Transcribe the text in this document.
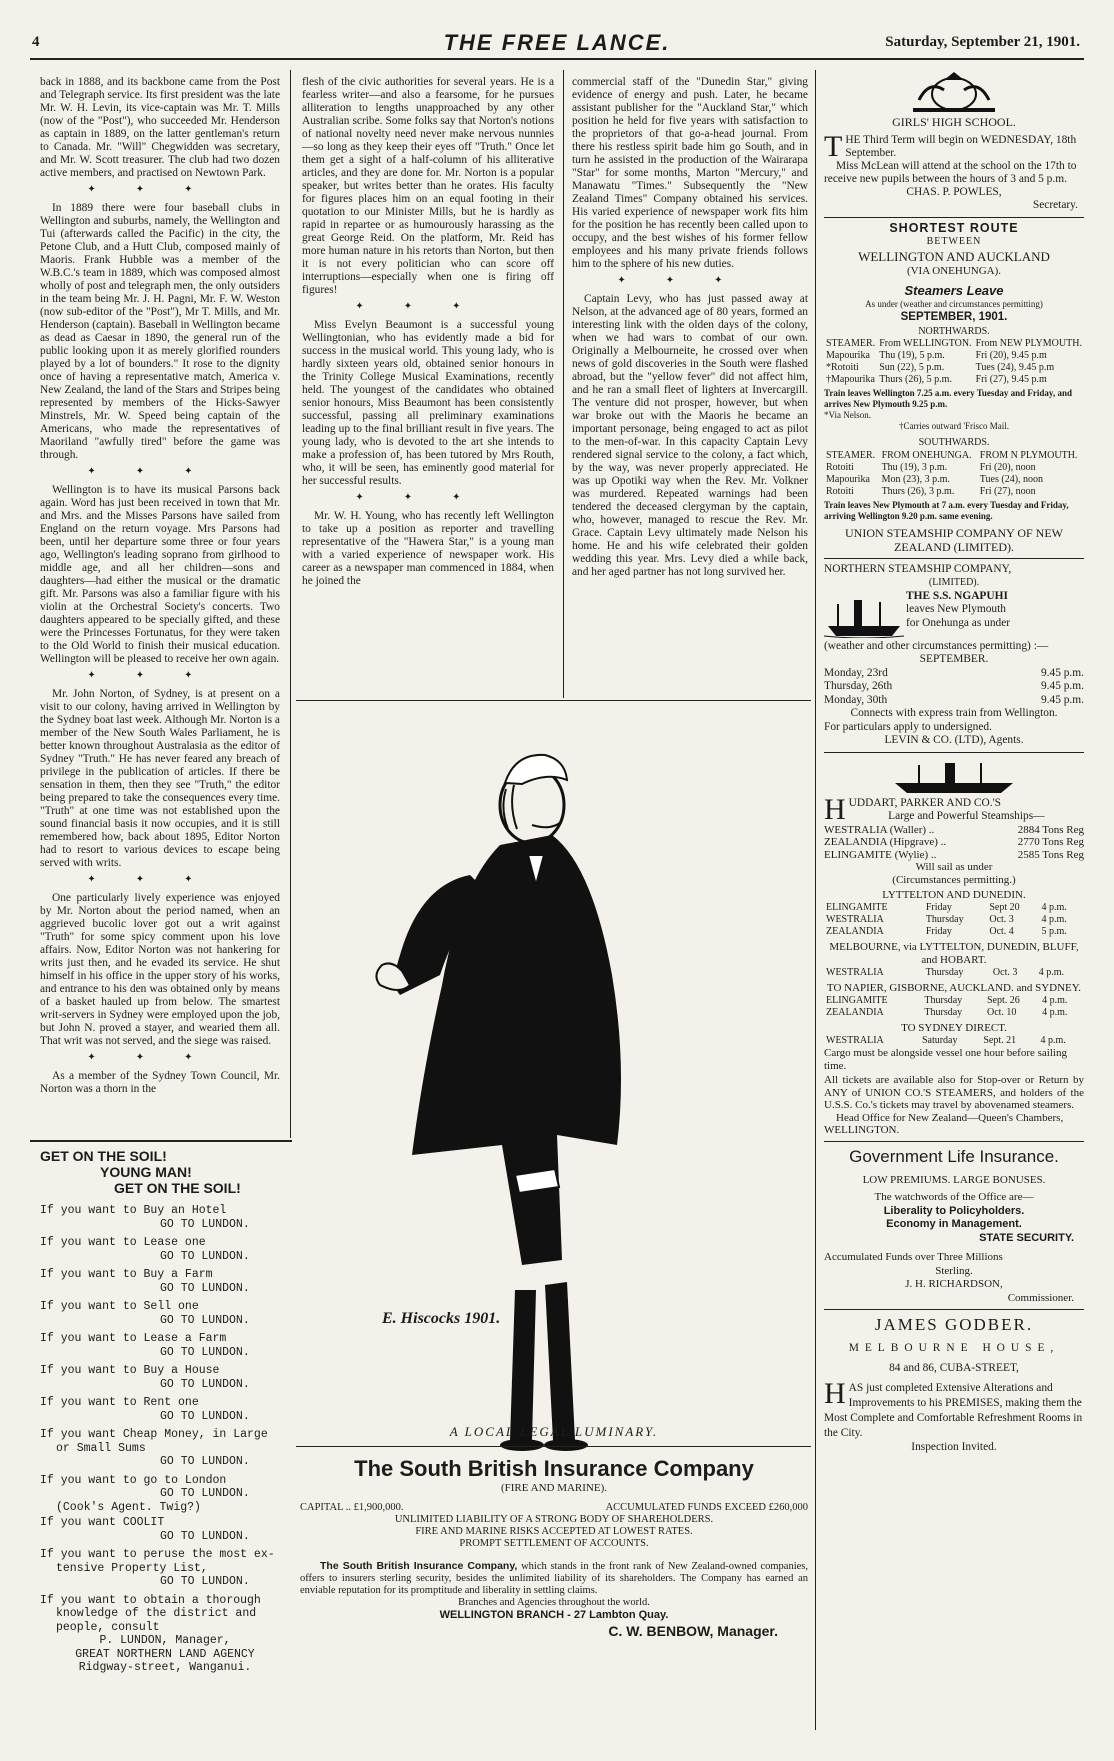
4	THE FREE LANCE.	Saturday, September 21, 1901.

back in 1888, and its backbone came from the Post and Telegraph service. Its first president was the late Mr. W. H. Levin, its vice-captain was Mr. T. Mills (now of the "Post"), who succeeded Mr. Henderson as captain in 1889, on the latter gentleman's return to Canada. Mr. "Will" Chegwidden was secretary, and Mr. W. Scott treasurer. The club had two dozen active members, and practised on Newtown Park.

✦✦✦

In 1889 there were four baseball clubs in Wellington and suburbs, namely, the Wellington and Tui (afterwards called the Pacific) in the city, the Petone Club, and a Hutt Club, composed mainly of Maoris. Frank Hubble was a member of the W.B.C.'s team in 1889, which was composed almost wholly of post and telegraph men, the only outsiders in the team being Mr. J. H. Pagni, Mr. F. W. Weston (now sub-editor of the "Post"), Mr T. Mills, and Mr. Henderson (captain). Baseball in Wellington became as dead as Caesar in 1890, the general run of the public looking upon it as merely glorified rounders played by a lot of bounders." It rose to the dignity once of having a representative match, America v. New Zealand, the land of the Stars and Stripes being represented by members of the Hicks-Sawyer Minstrels, Mr. W. Speed being captain of the Americans, who made the representatives of Maoriland "awfully tired" before the game was through.

✦✦✦

Wellington is to have its musical Parsons back again. Word has just been received in town that Mr. and Mrs. and the Misses Parsons have sailed from England on the return voyage. Mrs Parsons had been, until her departure some three or four years ago, Wellington's leading soprano from girlhood to middle age, and all her children—sons and daughters—had either the musical or the dramatic gift. Mr. Parsons was also a familiar figure with his violin at the Orchestral Society's concerts. Two daughters appeared to be specially gifted, and these were the Princesses Fortunatus, for they were taken to the Old World to finish their musical education. Wellington will be pleased to receive her own again.

✦✦✦

Mr. John Norton, of Sydney, is at present on a visit to our colony, having arrived in Wellington by the Sydney boat last week. Although Mr. Norton is a member of the New South Wales Parliament, he is better known throughout Australasia as the editor of Sydney "Truth." He has never feared any breach of privilege in the publication of articles. If there be sensation in them, then they see "Truth," the editor being prepared to take the consequences every time. "Truth" at one time was not established upon the sound financial basis it now occupies, and it is still remembered how, back about 1895, Editor Norton had to resort to various devices to escape being served with writs.

✦✦✦

One particularly lively experience was enjoyed by Mr. Norton about the period named, when an aggrieved bucolic lover got out a writ against "Truth" for some spicy comment upon his love affairs. Now, Editor Norton was not hankering for writs just then, and he evaded its service. He shut himself in his office in the upper story of his works, and entrance to his den was obtained only by means of a basket hauled up from below. The smartest writ-servers in Sydney were employed upon the job, but John N. proved a stayer, and wearied them all. That writ was not served, and the siege was raised.

✦✦✦

As a member of the Sydney Town Council, Mr. Norton was a thorn in the

flesh of the civic authorities for several years. He is a fearless writer—and also a fearsome, for he pursues alliteration to lengths unapproached by any other Australian scribe. Some folks say that Norton's notions of national novelty need never make nervous nunnies—so long as they keep their eyes off "Truth." Once let them get a sight of a half-column of his alliterative articles, and they are done for. Mr. Norton is a popular speaker, but writes better than he orates. His faculty for figures places him on an equal footing in their quotation to our Minister Mills, but he is hardly as rapid in repartee or as humourously harassing as the great George Reid. On the platform, Mr. Reid has more human nature in his retorts than Norton, but then it is not every politician who can score off interruptions—especially when one is firing off figures!

✦✦✦

Miss Evelyn Beaumont is a successful young Wellingtonian, who has evidently made a bid for success in the musical world. This young lady, who is hardly sixteen years old, obtained senior honours in the Trinity College Musical Examinations, recently held. The youngest of the candidates who obtained senior honours, Miss Beaumont has been consistently successful, passing all preliminary examinations leading up to the final brilliant result in five years. The young lady, who is devoted to the art she intends to make a profession of, has been tutored by Mrs Routh, who, it will be seen, has eminently good material for her successful results.

✦✦✦

Mr. W. H. Young, who has recently left Wellington to take up a position as reporter and travelling representative of the "Hawera Star," is a young man with a varied experience of newspaper work. His career as a newspaper man commenced in 1884, when he joined the

commercial staff of the "Dunedin Star," giving evidence of energy and push. Later, he became assistant publisher for the "Auckland Star," which position he held for five years with satisfaction to the proprietors of that go-a-head journal. From there his restless spirit bade him go South, and in turn he assisted in the production of the Wairarapa "Star" for some months, Marton "Mercury," and Manawatu "Times." Subsequently the "New Zealand Times" Company obtained his services. His varied experience of newspaper work fits him for the position he has recently been called upon to occupy, and the best wishes of his former fellow employees and his many private friends follows him to the sphere of his new duties.

✦✦✦

Captain Levy, who has just passed away at Nelson, at the advanced age of 80 years, formed an interesting link with the olden days of the colony, when we had wars to combat of our own. Originally a Melbourneite, he crossed over when news of gold discoveries in the South were flashed abroad, but the "yellow fever" did not affect him, and he ran a small fleet of lighters at Invercargill. The venture did not prosper, however, but when war broke out with the Maoris he became an important personage, being engaged to act as pilot to the men-of-war. In this capacity Captain Levy rendered signal service to the colony, a fact which, by the way, was never properly appreciated. He was up Opotiki way when the Rev. Mr. Volkner was murdered. Repeated warnings had been tendered the deceased clergyman by the captain, who, however, managed to rescue the Rev. Mr. Grace. Captain Levy ultimately made Nelson his home. He and his wife celebrated their golden wedding this year. Mrs. Levy died a while back, and her aged partner has not long survived her.

E. Hiscocks 1901.
A LOCAL LEGAL LUMINARY.
GET ON THE SOIL!
YOUNG MAN!
GET ON THE SOIL!
If you want to Buy an Hotel
GO TO LUNDON.
If you want to Lease one
GO TO LUNDON.
If you want to Buy a Farm
GO TO LUNDON.
If you want to Sell one
GO TO LUNDON.
If you want to Lease a Farm
GO TO LUNDON.
If you want to Buy a House
GO TO LUNDON.
If you want to Rent one
GO TO LUNDON.
If you want Cheap Money, in Large
or Small Sums
GO TO LUNDON.
If you want to go to London
GO TO LUNDON.
(Cook's Agent. Twig?)
If you want COOLIT
GO TO LUNDON.
If you want to peruse the most ex-
tensive Property List,
GO TO LUNDON.
If you want to obtain a thorough
knowledge of the district and
people, consult
P. LUNDON, Manager,
GREAT NORTHERN LAND AGENCY
Ridgway-street, Wanganui.
The South British Insurance Company
(FIRE AND MARINE).
CAPITAL .. £1,900,000.	ACCUMULATED FUNDS EXCEED £260,000
UNLIMITED LIABILITY OF A STRONG BODY OF SHAREHOLDERS.
FIRE AND MARINE RISKS ACCEPTED AT LOWEST RATES.
PROMPT SETTLEMENT OF ACCOUNTS.
The South British Insurance Company, which stands in the front rank of New Zealand-owned companies, offers to insurers sterling security, besides the unlimited liability of its shareholders. The Company has earned an enviable reputation for its promptitude and liberality in settling claims.
Branches and Agencies throughout the world.
WELLINGTON BRANCH - 27 Lambton Quay.
C. W. BENBOW, Manager.
GIRLS' HIGH SCHOOL.
T HE Third Term will begin on WEDNESDAY, 18th September.
Miss McLean will attend at the school on the 17th to receive new pupils between the hours of 3 and 5 p.m.
CHAS. P. POWLES,
Secretary.
SHORTEST ROUTE
BETWEEN
WELLINGTON AND AUCKLAND
(VIA ONEHUNGA).
Steamers Leave
As under (weather and circumstances permitting)
SEPTEMBER, 1901.
NORTHWARDS.
STEAMER.	From WELLINGTON.	From NEW PLYMOUTH.
Mapourika	Thu (19), 5 p.m.	Fri (20), 9.45 p.m
*Rotoiti	Sun (22), 5 p.m.	Tues (24), 9.45 p.m
†Mapourika	Thurs (26), 5 p.m.	Fri (27), 9.45 p.m
Train leaves Wellington 7.25 a.m. every Tuesday and Friday, and arrives New Plymouth 9.25 p.m.
*Via Nelson.
†Carries outward 'Frisco Mail.
SOUTHWARDS.
STEAMER.	FROM ONEHUNGA.	FROM N PLYMOUTH.
Rotoiti	Thu (19), 3 p.m.	Fri (20), noon
Mapourika	Mon (23), 3 p.m.	Tues (24), noon
Rotoiti	Thurs (26), 3 p.m.	Fri (27), noon
Train leaves New Plymouth at 7 a.m. every Tuesday and Friday, arriving Wellington 9.20 p.m. same evening.
UNION STEAMSHIP COMPANY OF NEW ZEALAND (LIMITED).
NORTHERN STEAMSHIP COMPANY,
(LIMITED).
THE S.S. NGAPUHI
leaves New Plymouth
for Onehunga as under
(weather and other circumstances permitting) :—
SEPTEMBER.
Monday, 23rd	9.45 p.m.
Thursday, 26th	9.45 p.m.
Monday, 30th	9.45 p.m.
Connects with express train from Wellington.
For particulars apply to undersigned.
LEVIN & CO. (LTD), Agents.
H UDDART, PARKER AND CO.'S
Large and Powerful Steamships—
WESTRALIA (Waller) ..	2884 Tons Reg
ZEALANDIA (Hipgrave) ..	2770 Tons Reg
ELINGAMITE (Wylie) ..	2585 Tons Reg
Will sail as under
(Circumstances permitting.)
LYTTELTON AND DUNEDIN.
ELINGAMITE	Friday	Sept 20	4 p.m.
WESTRALIA	Thursday	Oct. 3	4 p.m.
ZEALANDIA	Friday	Oct. 4	5 p.m.
MELBOURNE, via LYTTELTON, DUNEDIN, BLUFF, and HOBART.
WESTRALIA	Thursday	Oct. 3	4 p.m.
TO NAPIER, GISBORNE, AUCKLAND. and SYDNEY.
ELINGAMITE	Thursday	Sept. 26	4 p.m.
ZEALANDIA	Thursday	Oct. 10	4 p.m.
TO SYDNEY DIRECT.
WESTRALIA	Saturday	Sept. 21	4 p.m.
Cargo must be alongside vessel one hour before sailing time.
All tickets are available also for Stop-over or Return by ANY of UNION CO.'S STEAMERS, and holders of the U.S.S. Co.'s tickets may travel by abovenamed steamers.
Head Office for New Zealand—Queen's Chambers, WELLINGTON.
Government Life Insurance.
LOW PREMIUMS. LARGE BONUSES.
The watchwords of the Office are—
Liberality to Policyholders.
Economy in Management.
STATE SECURITY.
Accumulated Funds over Three Millions
Sterling.
J. H. RICHARDSON,
Commissioner.
JAMES GODBER.
MELBOURNE HOUSE,
84 and 86, CUBA-STREET,
H AS just completed Extensive Alterations and Improvements to his PREMISES, making them the Most Complete and Comfortable Refreshment Rooms in the City.
Inspection Invited.
